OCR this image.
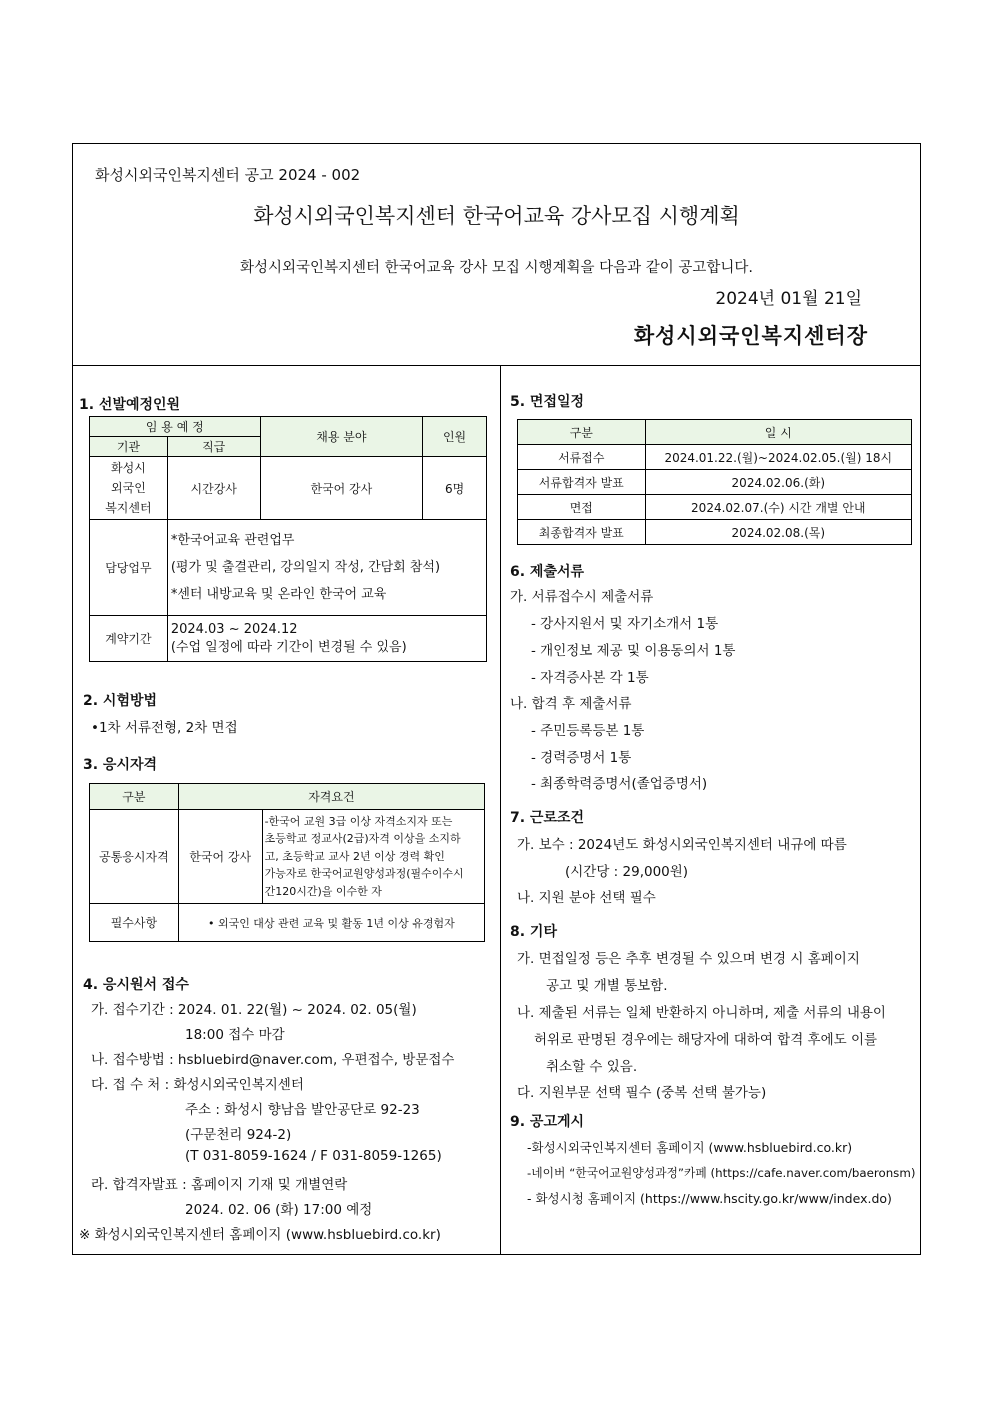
화성시외국인복지센터 공고 2024 - 002
화성시외국인복지센터 한국어교육 강사모집 시행계획
화성시외국인복지센터 한국어교육 강사 모집 시행계획을 다음과 같이 공고합니다.
2024년 01월 21일
화성시외국인복지센터장
1. 선발예정인원
임 용 예 정		채용 분야	인원
기관	직급		

화성시
외국인
복지센터	시간강사	한국어 강사	6명
담당업무	*한국어교육 관련업무
(평가 및 출결관리, 강의일지 작성, 간담회 참석)
*센터 내방교육 및 온라인 한국어 교육		

계약기간	2024.03 ~ 2024.12
(수업 일정에 따라 기간이 변경될 수 있음)		
2. 시험방법
•1차 서류전형, 2차 면접
3. 응시자격
구분	자격요건	
공통응시자격	한국어 강사	-한국어 교원 3급 이상 자격소지자 또는
초등학교 정교사(2급)자격 이상을 소지하
고, 초등학교 교사 2년 이상 경력 확인
가능자로 한국어교원양성과정(필수이수시
간120시간)을 이수한 자

필수사항	• 외국인 대상 관련 교육 및 활동 1년 이상 유경험자	
4. 응시원서 접수
가. 접수기간 : 2024. 01. 22(월) ~ 2024. 02. 05(월)
18:00 접수 마감
나. 접수방법 : hsbluebird@naver.com, 우편접수, 방문접수
다. 접 수 처 : 화성시외국인복지센터
주소 : 화성시 향남읍 발안공단로 92-23
(구문천리 924-2)
(T 031-8059-1624 / F 031-8059-1265)
라. 합격자발표 : 홈페이지 기재 및 개별연락
2024. 02. 06 (화) 17:00 예정
※ 화성시외국인복지센터 홈페이지 (www.hsbluebird.co.kr)
5. 면접일정
구분	일 시
서류접수	2024.01.22.(월)~2024.02.05.(월) 18시
서류합격자 발표	2024.02.06.(화)
면접	2024.02.07.(수) 시간 개별 안내
최종합격자 발표	2024.02.08.(목)
6. 제출서류
가. 서류접수시 제출서류
- 강사지원서 및 자기소개서 1통
- 개인정보 제공 및 이용동의서 1통
- 자격증사본 각 1통
나. 합격 후 제출서류
- 주민등록등본 1통
- 경력증명서 1통
- 최종학력증명서(졸업증명서)
7. 근로조건
가. 보수 : 2024년도 화성시외국인복지센터 내규에 따름
(시간당 : 29,000원)
나. 지원 분야 선택 필수
8. 기타
가. 면접일정 등은 추후 변경될 수 있으며 변경 시 홈페이지
공고 및 개별 통보함.
나. 제출된 서류는 일체 반환하지 아니하며, 제출 서류의 내용이
허위로 판명된 경우에는 해당자에 대하여 합격 후에도 이를
취소할 수 있음.
다. 지원부문 선택 필수 (중복 선택 불가능)
9. 공고게시
-화성시외국인복지센터 홈페이지 (www.hsbluebird.co.kr)
-네이버 “한국어교원양성과정”카페 (https://cafe.naver.com/baeronsm)
- 화성시청 홈페이지 (https://www.hscity.go.kr/www/index.do)
